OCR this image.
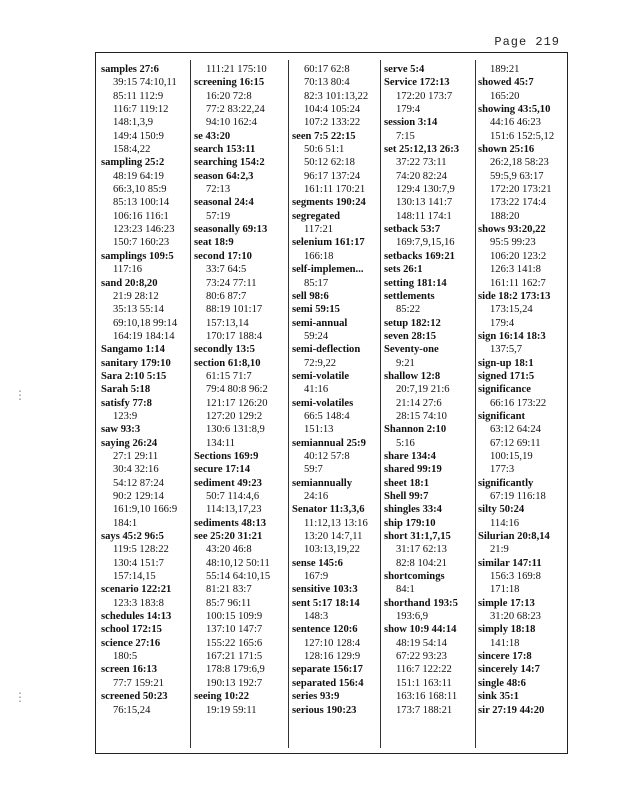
Page 219
samples 27:6
39:15 74:10,11
85:11 112:9
116:7 119:12
148:1,3,9
149:4 150:9
158:4,22
sampling 25:2
48:19 64:19
66:3,10 85:9
85:13 100:14
106:16 116:1
123:23 146:23
150:7 160:23
samplings 109:5
117:16
sand 20:8,20
21:9 28:12
35:13 55:14
69:10,18 99:14
164:19 184:14
Sangamo 1:14
sanitary 179:10
Sara 2:10 5:15
Sarah 5:18
satisfy 77:8
123:9
saw 93:3
saying 26:24
27:1 29:11
30:4 32:16
54:12 87:24
90:2 129:14
161:9,10 166:9
184:1
says 45:2 96:5
119:5 128:22
130:4 151:7
157:14,15
scenario 122:21
123:3 183:8
schedules 14:13
school 172:15
science 27:16
180:5
screen 16:13
77:7 159:21
screened 50:23
76:15,24
111:21 175:10
screening 16:15
16:20 72:8
77:2 83:22,24
94:10 162:4
se 43:20
search 153:11
searching 154:2
season 64:2,3
72:13
seasonal 24:4
57:19
seasonally 69:13
seat 18:9
second 17:10
33:7 64:5
73:24 77:11
80:6 87:7
88:19 101:17
157:13,14
170:17 188:4
secondly 13:5
section 61:8,10
61:15 71:7
79:4 80:8 96:2
121:17 126:20
127:20 129:2
130:6 131:8,9
134:11
Sections 169:9
secure 17:14
sediment 49:23
50:7 114:4,6
114:13,17,23
sediments 48:13
see 25:20 31:21
43:20 46:8
48:10,12 50:11
55:14 64:10,15
81:21 83:7
85:7 96:11
100:15 109:9
137:10 147:7
155:22 165:6
167:21 171:5
178:8 179:6,9
190:13 192:7
seeing 10:22
19:19 59:11
60:17 62:8
70:13 80:4
82:3 101:13,22
104:4 105:24
107:2 133:22
seen 7:5 22:15
50:6 51:1
50:12 62:18
96:17 137:24
161:11 170:21
segments 190:24
segregated
117:21
selenium 161:17
166:18
self-implemen...
85:17
sell 98:6
semi 59:15
semi-annual
59:24
semi-deflection
72:9,22
semi-volatile
41:16
semi-volatiles
66:5 148:4
151:13
semiannual 25:9
40:12 57:8
59:7
semiannually
24:16
Senator 11:3,3,6
11:12,13 13:16
13:20 14:7,11
103:13,19,22
sense 145:6
167:9
sensitive 103:3
sent 5:17 18:14
148:3
sentence 120:6
127:10 128:4
128:16 129:9
separate 156:17
separated 156:4
series 93:9
serious 190:23
serve 5:4
Service 172:13
172:20 173:7
179:4
session 3:14
7:15
set 25:12,13 26:3
37:22 73:11
74:20 82:24
129:4 130:7,9
130:13 141:7
148:11 174:1
setback 53:7
169:7,9,15,16
setbacks 169:21
sets 26:1
setting 181:14
settlements
85:22
setup 182:12
seven 28:15
Seventy-one
9:21
shallow 12:8
20:7,19 21:6
21:14 27:6
28:15 74:10
Shannon 2:10
5:16
share 134:4
shared 99:19
sheet 18:1
Shell 99:7
shingles 33:4
ship 179:10
short 31:1,7,15
31:17 62:13
82:8 104:21
shortcomings
84:1
shorthand 193:5
193:6,9
show 10:9 44:14
48:19 54:14
67:22 93:23
116:7 122:22
151:1 163:11
163:16 168:11
173:7 188:21
189:21
showed 45:7
165:20
showing 43:5,10
44:16 46:23
151:6 152:5,12
shown 25:16
26:2,18 58:23
59:5,9 63:17
172:20 173:21
173:22 174:4
188:20
shows 93:20,22
95:5 99:23
106:20 123:2
126:3 141:8
161:11 162:7
side 18:2 173:13
173:15,24
179:4
sign 16:14 18:3
137:5,7
sign-up 18:1
signed 171:5
significance
66:16 173:22
significant
63:12 64:24
67:12 69:11
100:15,19
177:3
significantly
67:19 116:18
silty 50:24
114:16
Silurian 20:8,14
21:9
similar 147:11
156:3 169:8
171:18
simple 17:13
31:20 68:23
simply 18:18
141:18
sincere 17:8
sincerely 14:7
single 48:6
sink 35:1
sir 27:19 44:20
⋮
⋮
